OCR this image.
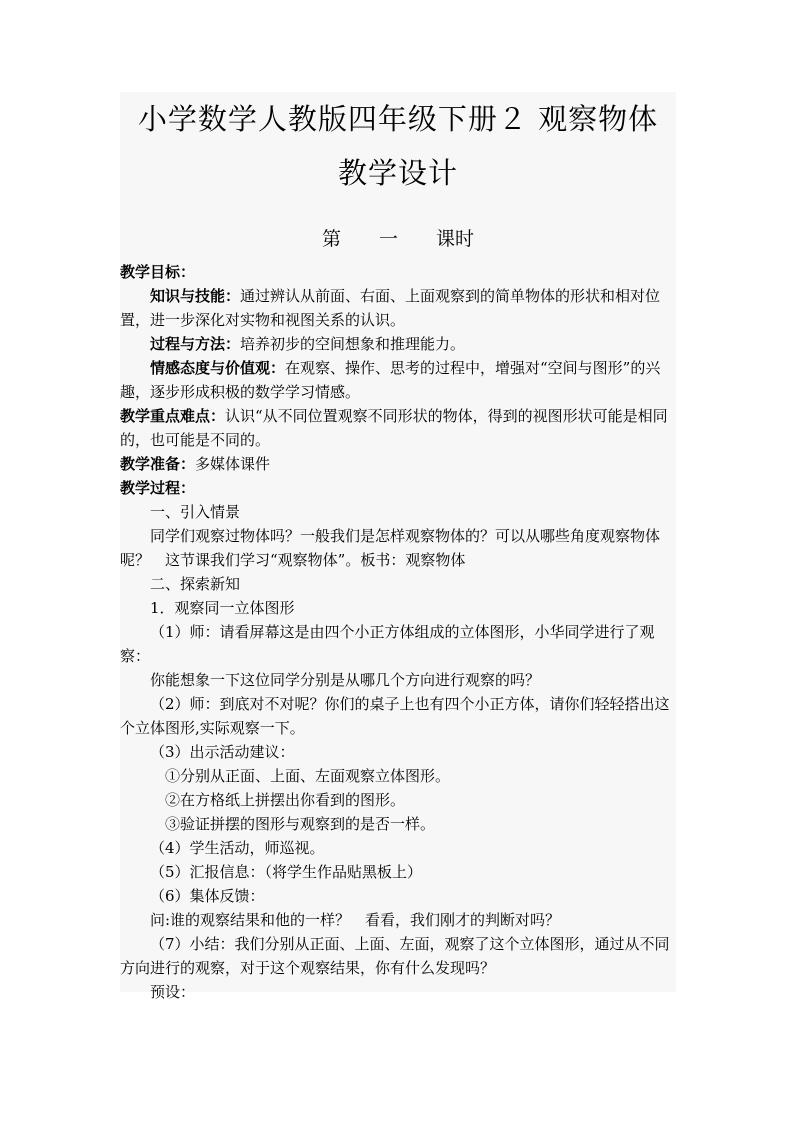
小学数学人教版四年级下册２ 观察物体教学设计
第　　一　　课时

教学目标：

知识与技能：通过辨认从前面、右面、上面观察到的简单物体的形状和相对位置，进一步深化对实物和视图关系的认识。

过程与方法：培养初步的空间想象和推理能力。

情感态度与价值观：在观察、操作、思考的过程中，增强对“空间与图形”的兴趣，逐步形成积极的数学学习情感。

教学重点难点：认识“从不同位置观察不同形状的物体，得到的视图形状可能是相同的，也可能是不同的。

教学准备：多媒体课件

教学过程：

一、引入情景

同学们观察过物体吗？一般我们是怎样观察物体的？可以从哪些角度观察物体呢？　这节课我们学习“观察物体”。板书：观察物体

二、探索新知

1．观察同一立体图形

（1）师：请看屏幕这是由四个小正方体组成的立体图形，小华同学进行了观察：

你能想象一下这位同学分别是从哪几个方向进行观察的吗？

（2）师：到底对不对呢？你们的桌子上也有四个小正方体，请你们轻轻搭出这个立体图形,实际观察一下。

（3）出示活动建议：

①分别从正面、上面、左面观察立体图形。

②在方格纸上拼摆出你看到的图形。

③验证拼摆的图形与观察到的是否一样。

（4）学生活动，师巡视。

（5）汇报信息：（将学生作品贴黑板上）

（6）集体反馈：

问:谁的观察结果和他的一样？　看看，我们刚才的判断对吗？

（7）小结：我们分别从正面、上面、左面，观察了这个立体图形，通过从不同方向进行的观察，对于这个观察结果，你有什么发现吗？

预设：
